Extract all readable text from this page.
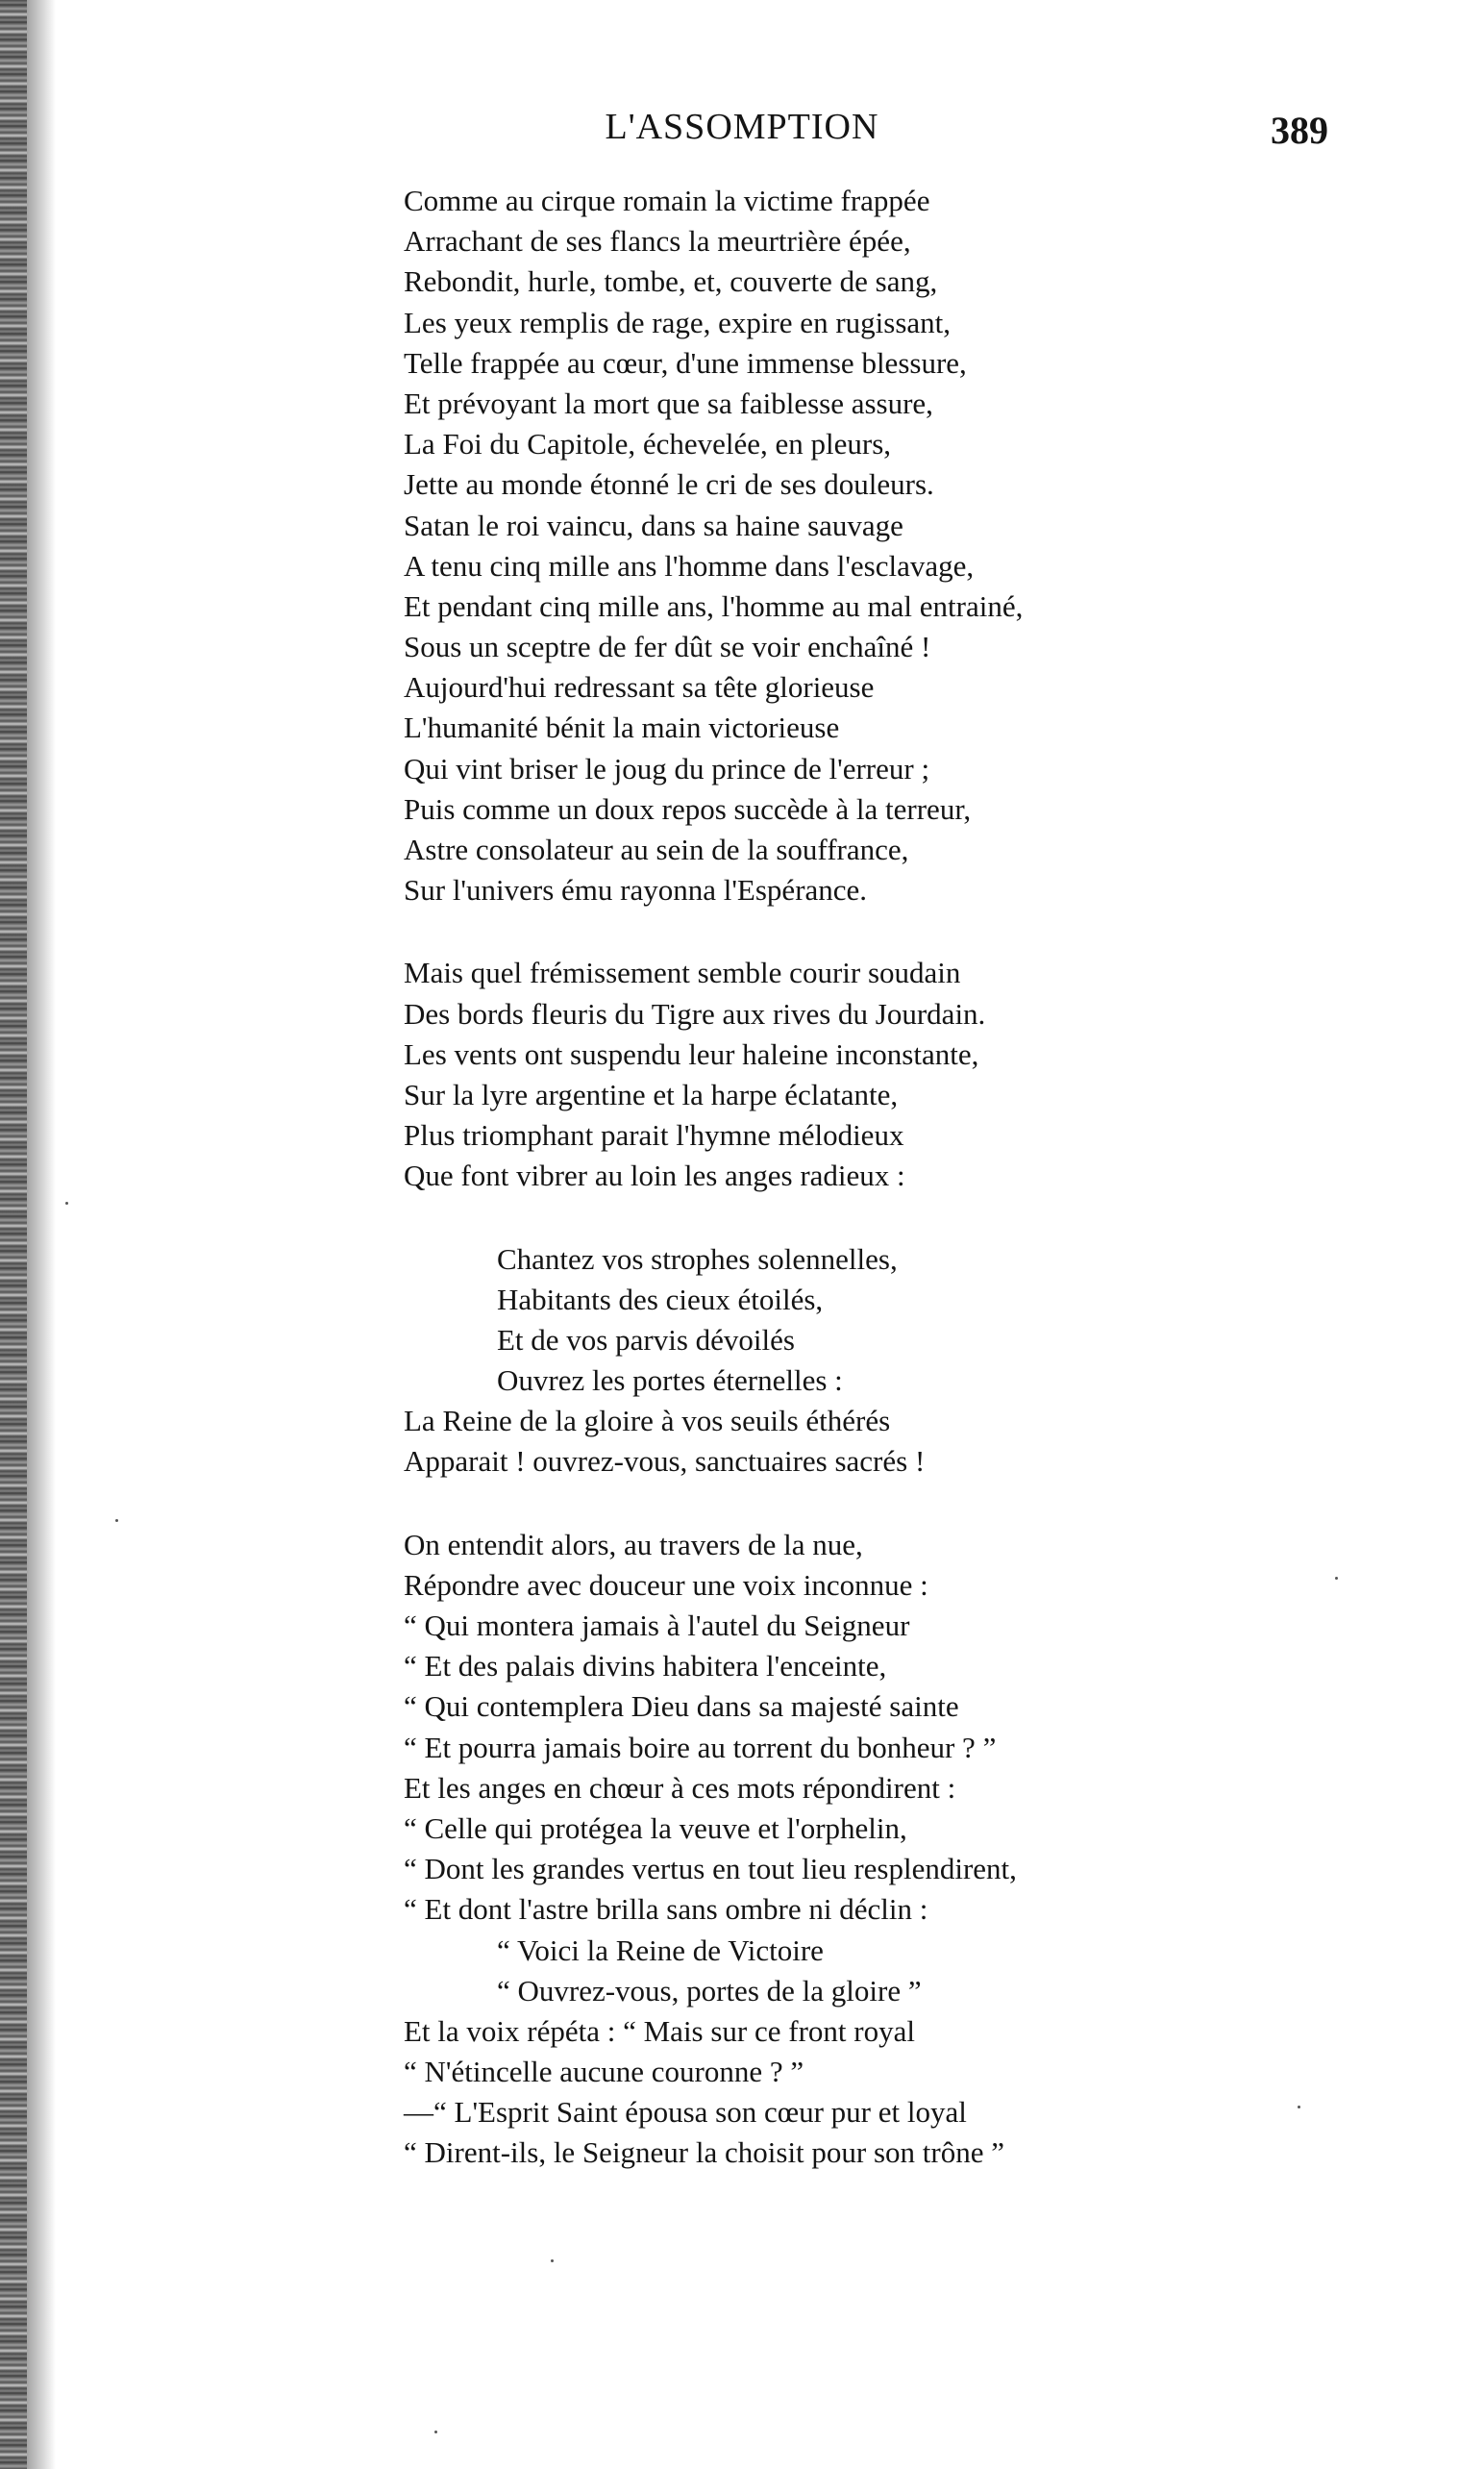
L'ASSOMPTION	389
Comme au cirque romain la victime frappée
Arrachant de ses flancs la meurtrière épée,
Rebondit, hurle, tombe, et, couverte de sang,
Les yeux remplis de rage, expire en rugissant,
Telle frappée au cœur, d'une immense blessure,
Et prévoyant la mort que sa faiblesse assure,
La Foi du Capitole, échevelée, en pleurs,
Jette au monde étonné le cri de ses douleurs.
Satan le roi vaincu, dans sa haine sauvage
A tenu cinq mille ans l'homme dans l'esclavage,
Et pendant cinq mille ans, l'homme au mal entrainé,
Sous un sceptre de fer dût se voir enchaîné !
Aujourd'hui redressant sa tête glorieuse
L'humanité bénit la main victorieuse
Qui vint briser le joug du prince de l'erreur ;
Puis comme un doux repos succède à la terreur,
Astre consolateur au sein de la souffrance,
Sur l'univers ému rayonna l'Espérance.
Mais quel frémissement semble courir soudain
Des bords fleuris du Tigre aux rives du Jourdain.
Les vents ont suspendu leur haleine inconstante,
Sur la lyre argentine et la harpe éclatante,
Plus triomphant parait l'hymne mélodieux
Que font vibrer au loin les anges radieux :
Chantez vos strophes solennelles,
Habitants des cieux étoilés,
Et de vos parvis dévoilés
Ouvrez les portes éternelles :
La Reine de la gloire à vos seuils éthérés
Apparait ! ouvrez-vous, sanctuaires sacrés !
On entendit alors, au travers de la nue,
Répondre avec douceur une voix inconnue :
“ Qui montera jamais à l'autel du Seigneur
“ Et des palais divins habitera l'enceinte,
“ Qui contemplera Dieu dans sa majesté sainte
“ Et pourra jamais boire au torrent du bonheur ? ”
Et les anges en chœur à ces mots répondirent :
“ Celle qui protégea la veuve et l'orphelin,
“ Dont les grandes vertus en tout lieu resplendirent,
“ Et dont l'astre brilla sans ombre ni déclin :
“ Voici la Reine de Victoire
“ Ouvrez-vous, portes de la gloire ”
Et la voix répéta : “ Mais sur ce front royal
“ N'étincelle aucune couronne ? ”
—“ L'Esprit Saint épousa son cœur pur et loyal
“ Dirent-ils, le Seigneur la choisit pour son trône ”
